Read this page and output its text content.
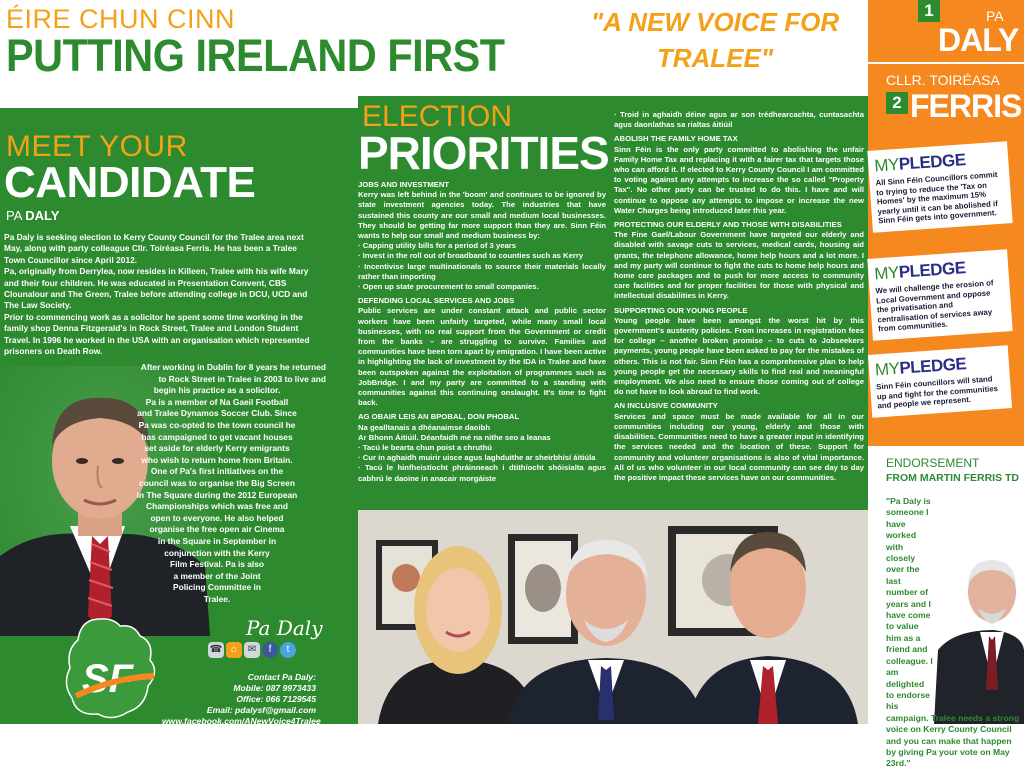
ÉIRE CHUN CINN
PUTTING IRELAND FIRST
"A NEW VOICE FOR
TRALEE"
MEET YOUR
CANDIDATE
PA DALY

Pa Daly is seeking election to Kerry County Council for the Tralee area next May, along with party colleague Cllr. Toiréasa Ferris. He has been a Tralee Town Councillor since April 2012.

Pa, originally from Derrylea, now resides in Killeen, Tralee with his wife Mary and their four children. He was educated in Presentation Convent, CBS Clounalour and The Green, Tralee before attending college in DCU, UCD and The Law Society.

Prior to commencing work as a solicitor he spent some time working in the family shop Denna Fitzgerald's in Rock Street, Tralee and London Student Travel. In 1996 he worked in the USA with an organisation which represented prisoners on Death Row.

After working in Dublin for 8 years he returned
to Rock Street in Tralee in 2003 to live and
begin his practice as a solicitor.
Pa is a member of Na Gaeil Football
and Tralee Dynamos Soccer Club. Since
Pa was co-opted to the town council he
has campaigned to get vacant houses
set aside for elderly Kerry emigrants
who wish to return home from Britain.
One of Pa's first initiatives on the
council was to organise the Big Screen
in The Square during the 2012 European
Championships which was free and
open to everyone. He also helped
organise the free open air Cinema
in the Square in September in
conjunction with the Kerry
Film Festival. Pa is also
a member of the Joint
Policing Committee in
Tralee.
Pa Daly
☎ ⌂	✉	f	t
SF	Contact Pa Daly:
Mobile: 087 9973433
Office: 066 7129545
Email: pdalysf@gmail.com
www.facebook.com/ANewVoice4Tralee
ELECTION
PRIORITIES
JOBS AND INVESTMENT

Kerry was left behind in the 'boom' and continues to be ignored by state investment agencies today. The industries that have sustained this county are our small and medium local businesses. They should be getting far more support than they are. Sinn Féin wants to help our small and medium business by:

· Capping utility bills for a period of 3 years
· Invest in the roll out of broadband to counties such as Kerry
· Incentivise large multinationals to source their materials locally rather than importing
· Open up state procurement to small companies.
DEFENDING LOCAL SERVICES AND JOBS

Public services are under constant attack and public sector workers have been unfairly targeted, while many small local businesses, with no real support from the Government or credit from the banks – are struggling to survive. Families and communities have been torn apart by emigration. I have been active in highlighting the lack of investment by the IDA in Tralee and have been outspoken against the exploitation of programmes such as JobBridge. I and my party are committed to a standing with communities against this continuing onslaught. It's time to fight back.

AG OBAIR LEIS AN BPOBAL, DON PHOBAL

Na gealltanais a dhéanaimse daoibh

Ar Bhonn Áitiúil. Déanfaidh mé na nithe seo a leanas

· Tacú le bearta chun poist a chruthú
· Cur in aghaidh muirir uisce agus laghduithe ar sheirbhísí áitiúla
· Tacú le hinfheistíocht phráinneach i dtithíocht shóisialta agus cabhrú le daoine in anacair morgáiste
· Troid in aghaidh déine agus ar son trédhearcachta, cuntasachta agus daonlathas sa rialtas áitiúil
ABOLISH THE FAMILY HOME TAX

Sinn Féin is the only party committed to abolishing the unfair Family Home Tax and replacing it with a fairer tax that targets those who can afford it. If elected to Kerry County Council I am committed to voting against any attempts to increase the so called "Property Tax". No other party can be trusted to do this. I have and will continue to oppose any attempts to impose or increase the new Water Charges being introduced later this year.

PROTECTING OUR ELDERLY AND THOSE WITH DISABILITIES

The Fine Gael/Labour Government have targeted our elderly and disabled with savage cuts to services, medical cards, housing aid grants, the telephone allowance, home help hours and a lot more. I and my party will continue to fight the cuts to home help hours and home care packages and to push for more access to community care facilities and for proper facilities for those with physical and intellectual disabilities in Kerry.

SUPPORTING OUR YOUNG PEOPLE

Young people have been amongst the worst hit by this government's austerity policies. From increases in registration fees for college – another broken promise – to cuts to Jobseekers payments, young people have been asked to pay for the mistakes of others. This is not fair. Sinn Féin has a comprehensive plan to help young people get the necessary skills to find real and meaningful employment. We also need to ensure those coming out of college do not have to look abroad to find work.

AN INCLUSIVE COMMUNITY

Services and space must be made available for all in our communities including our young, elderly and those with disabilities. Communities need to have a greater input in identifying the services needed and the location of these. Support for community and volunteer organisations is also of vital importance. All of us who volunteer in our local community can see day to day the positive impact these services have on our communities.

1	PA
DALY
CLLR. TOIRÉASA
2 FERRIS
MYPLEDGE
All Sinn Féin Councillors commit to trying to reduce the 'Tax on Homes' by the maximum 15% yearly until it can be abolished if Sinn Féin gets into government.
MYPLEDGE
We will challenge the erosion of Local Government and oppose the privatisation and centralisation of services away from communities.
MYPLEDGE
Sinn Féin councillors will stand up and fight for the communities and people we represent.
ENDORSEMENT
FROM MARTIN FERRIS TD
"Pa Daly is someone I have worked with closely over the last number of years and I have come to value him as a friend and colleague. I am delighted to endorse his campaign. Tralee needs a strong voice on Kerry County Council and you can make that happen by giving Pa your vote on May 23rd."
